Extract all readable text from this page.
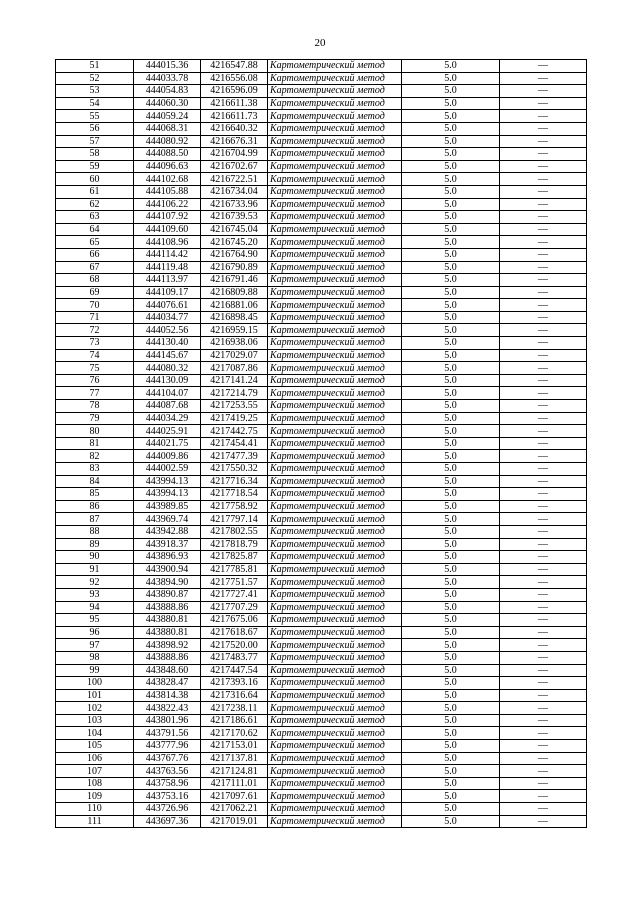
20
51	444015.36	4216547.88	Картометрический метод	5.0	—
52	444033.78	4216556.08	Картометрический метод	5.0	—
53	444054.83	4216596.09	Картометрический метод	5.0	—
54	444060.30	4216611.38	Картометрический метод	5.0	—
55	444059.24	4216611.73	Картометрический метод	5.0	—
56	444068.31	4216640.32	Картометрический метод	5.0	—
57	444080.92	4216676.31	Картометрический метод	5.0	—
58	444088.50	4216704.99	Картометрический метод	5.0	—
59	444096.63	4216702.67	Картометрический метод	5.0	—
60	444102.68	4216722.51	Картометрический метод	5.0	—
61	444105.88	4216734.04	Картометрический метод	5.0	—
62	444106.22	4216733.96	Картометрический метод	5.0	—
63	444107.92	4216739.53	Картометрический метод	5.0	—
64	444109.60	4216745.04	Картометрический метод	5.0	—
65	444108.96	4216745.20	Картометрический метод	5.0	—
66	444114.42	4216764.90	Картометрический метод	5.0	—
67	444119.48	4216790.89	Картометрический метод	5.0	—
68	444113.97	4216791.46	Картометрический метод	5.0	—
69	444109.17	4216809.88	Картометрический метод	5.0	—
70	444076.61	4216881.06	Картометрический метод	5.0	—
71	444034.77	4216898.45	Картометрический метод	5.0	—
72	444052.56	4216959.15	Картометрический метод	5.0	—
73	444130.40	4216938.06	Картометрический метод	5.0	—
74	444145.67	4217029.07	Картометрический метод	5.0	—
75	444080.32	4217087.86	Картометрический метод	5.0	—
76	444130.09	4217141.24	Картометрический метод	5.0	—
77	444104.07	4217214.79	Картометрический метод	5.0	—
78	444087.68	4217253.55	Картометрический метод	5.0	—
79	444034.29	4217419.25	Картометрический метод	5.0	—
80	444025.91	4217442.75	Картометрический метод	5.0	—
81	444021.75	4217454.41	Картометрический метод	5.0	—
82	444009.86	4217477.39	Картометрический метод	5.0	—
83	444002.59	4217550.32	Картометрический метод	5.0	—
84	443994.13	4217716.34	Картометрический метод	5.0	—
85	443994.13	4217718.54	Картометрический метод	5.0	—
86	443989.85	4217758.92	Картометрический метод	5.0	—
87	443969.74	4217797.14	Картометрический метод	5.0	—
88	443942.88	4217802.55	Картометрический метод	5.0	—
89	443918.37	4217818.79	Картометрический метод	5.0	—
90	443896.93	4217825.87	Картометрический метод	5.0	—
91	443900.94	4217785.81	Картометрический метод	5.0	—
92	443894.90	4217751.57	Картометрический метод	5.0	—
93	443890.87	4217727.41	Картометрический метод	5.0	—
94	443888.86	4217707.29	Картометрический метод	5.0	—
95	443880.81	4217675.06	Картометрический метод	5.0	—
96	443880.81	4217618.67	Картометрический метод	5.0	—
97	443898.92	4217520.00	Картометрический метод	5.0	—
98	443888.86	4217483.77	Картометрический метод	5.0	—
99	443848.60	4217447.54	Картометрический метод	5.0	—
100	443828.47	4217393.16	Картометрический метод	5.0	—
101	443814.38	4217316.64	Картометрический метод	5.0	—
102	443822.43	4217238.11	Картометрический метод	5.0	—
103	443801.96	4217186.61	Картометрический метод	5.0	—
104	443791.56	4217170.62	Картометрический метод	5.0	—
105	443777.96	4217153.01	Картометрический метод	5.0	—
106	443767.76	4217137.81	Картометрический метод	5.0	—
107	443763.56	4217124.81	Картометрический метод	5.0	—
108	443758.96	4217111.01	Картометрический метод	5.0	—
109	443753.16	4217097.61	Картометрический метод	5.0	—
110	443726.96	4217062.21	Картометрический метод	5.0	—
111	443697.36	4217019.01	Картометрический метод	5.0	—
